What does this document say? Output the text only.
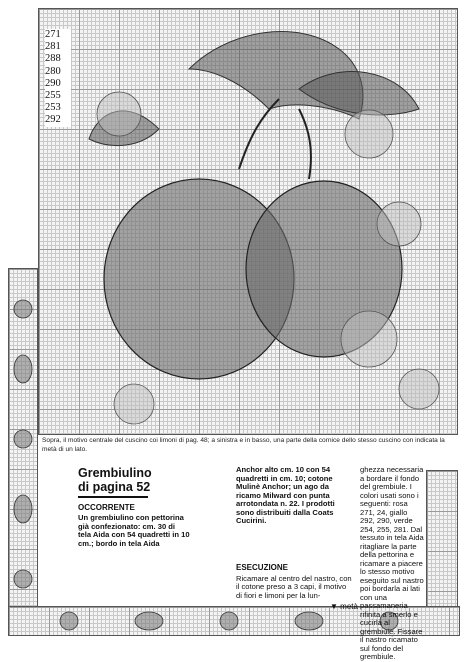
271
281
288
280
290
255
253
292
Sopra, il motivo centrale del cuscino coi limoni di pag. 48; a sinistra e in basso, una parte della cornice dello stesso cuscino con indicata la metà di un lato.
Grembiulino
di pagina 52
OCCORRENTE
Un grembiulino con pettorina già confezionato: cm. 30 di tela Aida con 54 quadretti in 10 cm.; bordo in tela Aida
Anchor alto cm. 10 con 54 quadretti in cm. 10; cotone Mulinè Anchor; un ago da ricamo Milward con punta arrotondata n. 22. I prodotti sono distribuiti dalla Coats Cucirini.
ESECUZIONE
Ricamare al centro del nastro, con il cotone preso a 3 capi, il motivo di fiori e limoni per la lun-
ghezza necessaria a bordare il fondo del grembiule. I colori usati sono i seguenti: rosa 271, 24, giallo 292, 290, verde 254, 255, 281. Dal tessuto in tela Aida ritagliare la parte della pettorina e ricamare a piacere lo stesso motivo eseguito sul nastro poi bordarla ai lati con una passamaneria rifinita a smerlo e cucirla al grembiule. Fissare il nastro ricamato sul fondo del grembiule.
▼ metà
